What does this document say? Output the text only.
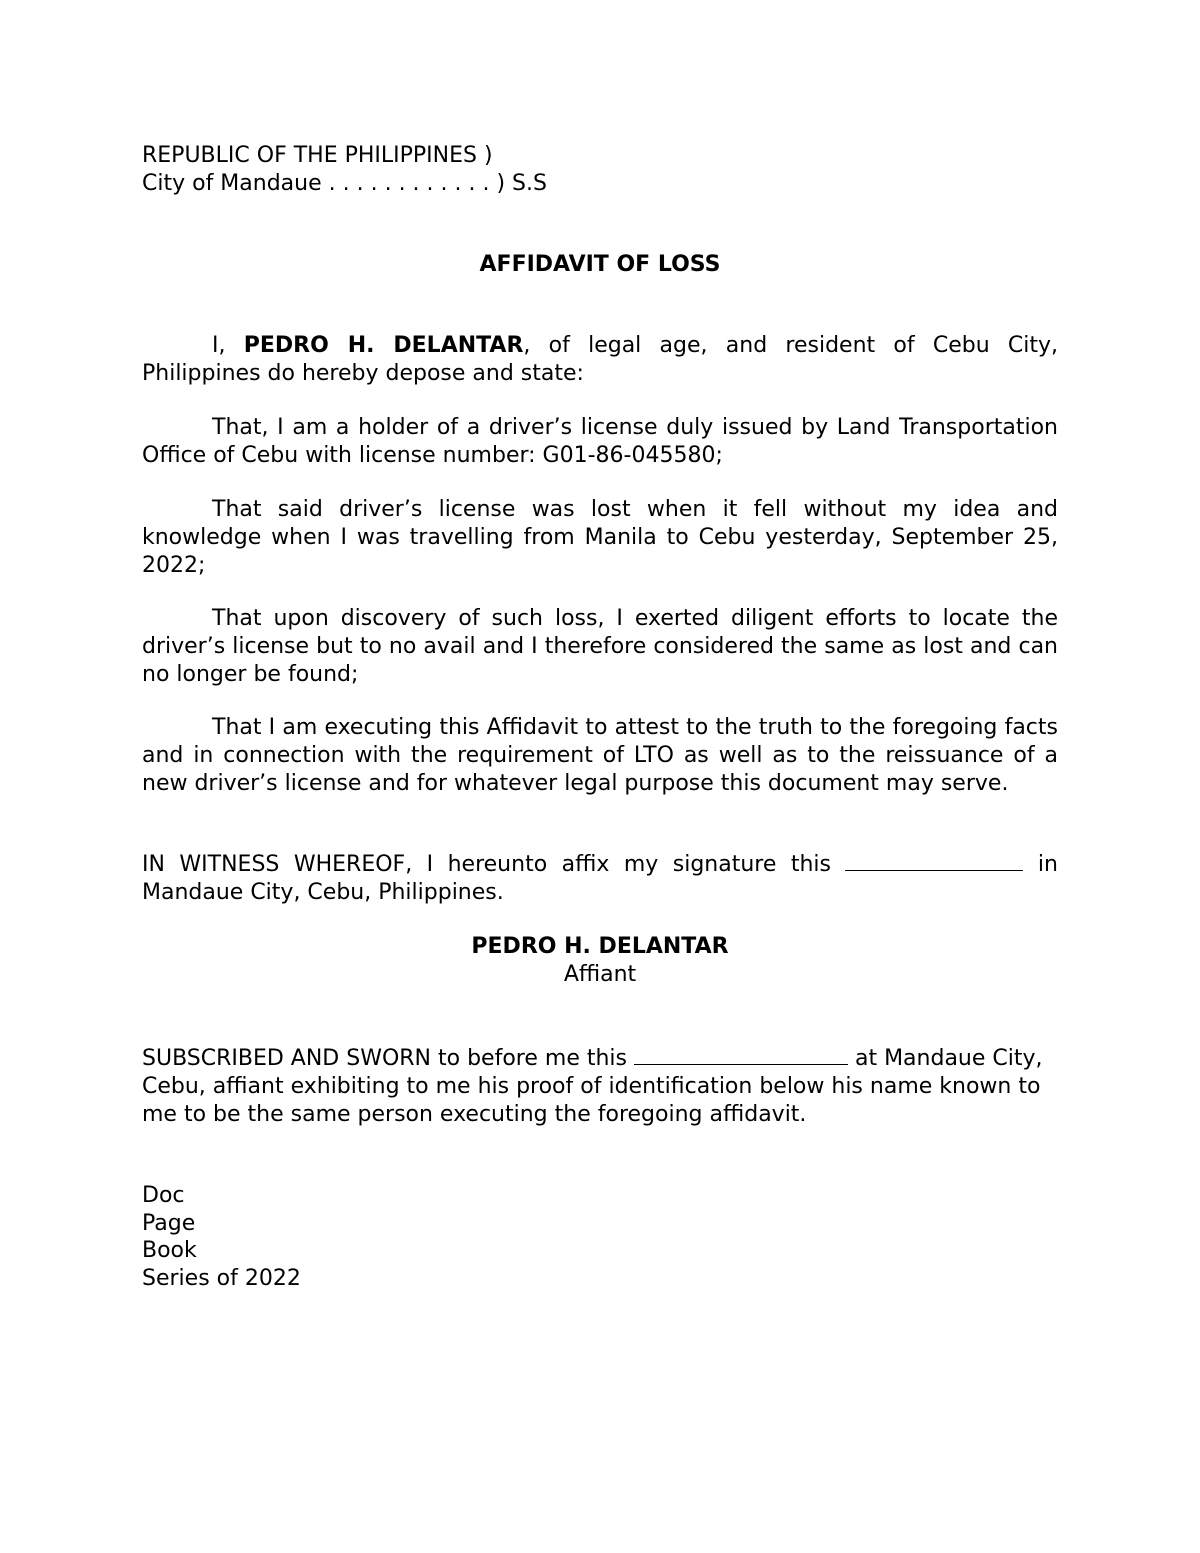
REPUBLIC OF THE PHILIPPINES )
City of Mandaue . . . . . . . . . . . . ) S.S
AFFIDAVIT OF LOSS
I, PEDRO H. DELANTAR, of legal age, and resident of Cebu City, Philippines do hereby depose and state:
That, I am a holder of a driver’s license duly issued by Land Transportation Office of Cebu with license number: G01-86-045580;
That said driver’s license was lost when it fell without my idea and knowledge when I was travelling from Manila to Cebu yesterday, September 25, 2022;
That upon discovery of such loss, I exerted diligent efforts to locate the driver’s license but to no avail and I therefore considered the same as lost and can no longer be found;
That I am executing this Affidavit to attest to the truth to the foregoing facts and in connection with the requirement of LTO as well as to the reissuance of a new driver’s license and for whatever legal purpose this document may serve.
IN WITNESS WHEREOF, I hereunto affix my signature this	in Mandaue City, Cebu, Philippines.
PEDRO H. DELANTAR
Affiant
SUBSCRIBED AND SWORN to before me this	at Mandaue City, Cebu, affiant exhibiting to me his proof of identification below his name known to me to be the same person executing the foregoing affidavit.
Doc
Page
Book
Series of 2022
